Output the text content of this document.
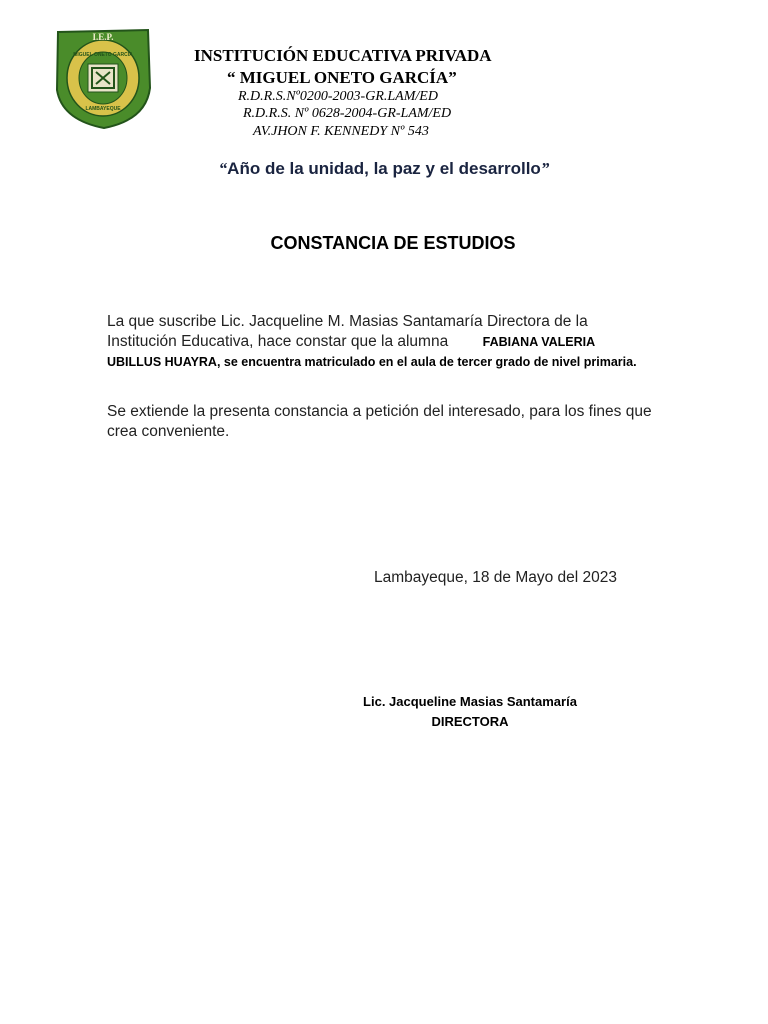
I.E.P.
MIGUEL ONETO GARCÍA
LAMBAYEQUE
INSTITUCIÓN EDUCATIVA PRIVADA
“ MIGUEL ONETO GARCÍA”
R.D.R.S.Nº0200-2003-GR.LAM/ED
R.D.R.S. Nº 0628-2004-GR-LAM/ED
AV.JHON F. KENNEDY Nº 543
“Año de la unidad, la paz y el desarrollo”
CONSTANCIA DE ESTUDIOS
La que suscribe Lic. Jacqueline M. Masias Santamaría Directora de la Institución Educativa, hace constar que la alumna	FABIANA VALERIA UBILLUS HUAYRA, se encuentra matriculado en el aula de tercer grado de nivel primaria.
Se extiende la presenta constancia a petición del interesado, para los fines que crea conveniente.
Lambayeque, 18 de Mayo del 2023
Lic. Jacqueline Masias Santamaría
DIRECTORA
